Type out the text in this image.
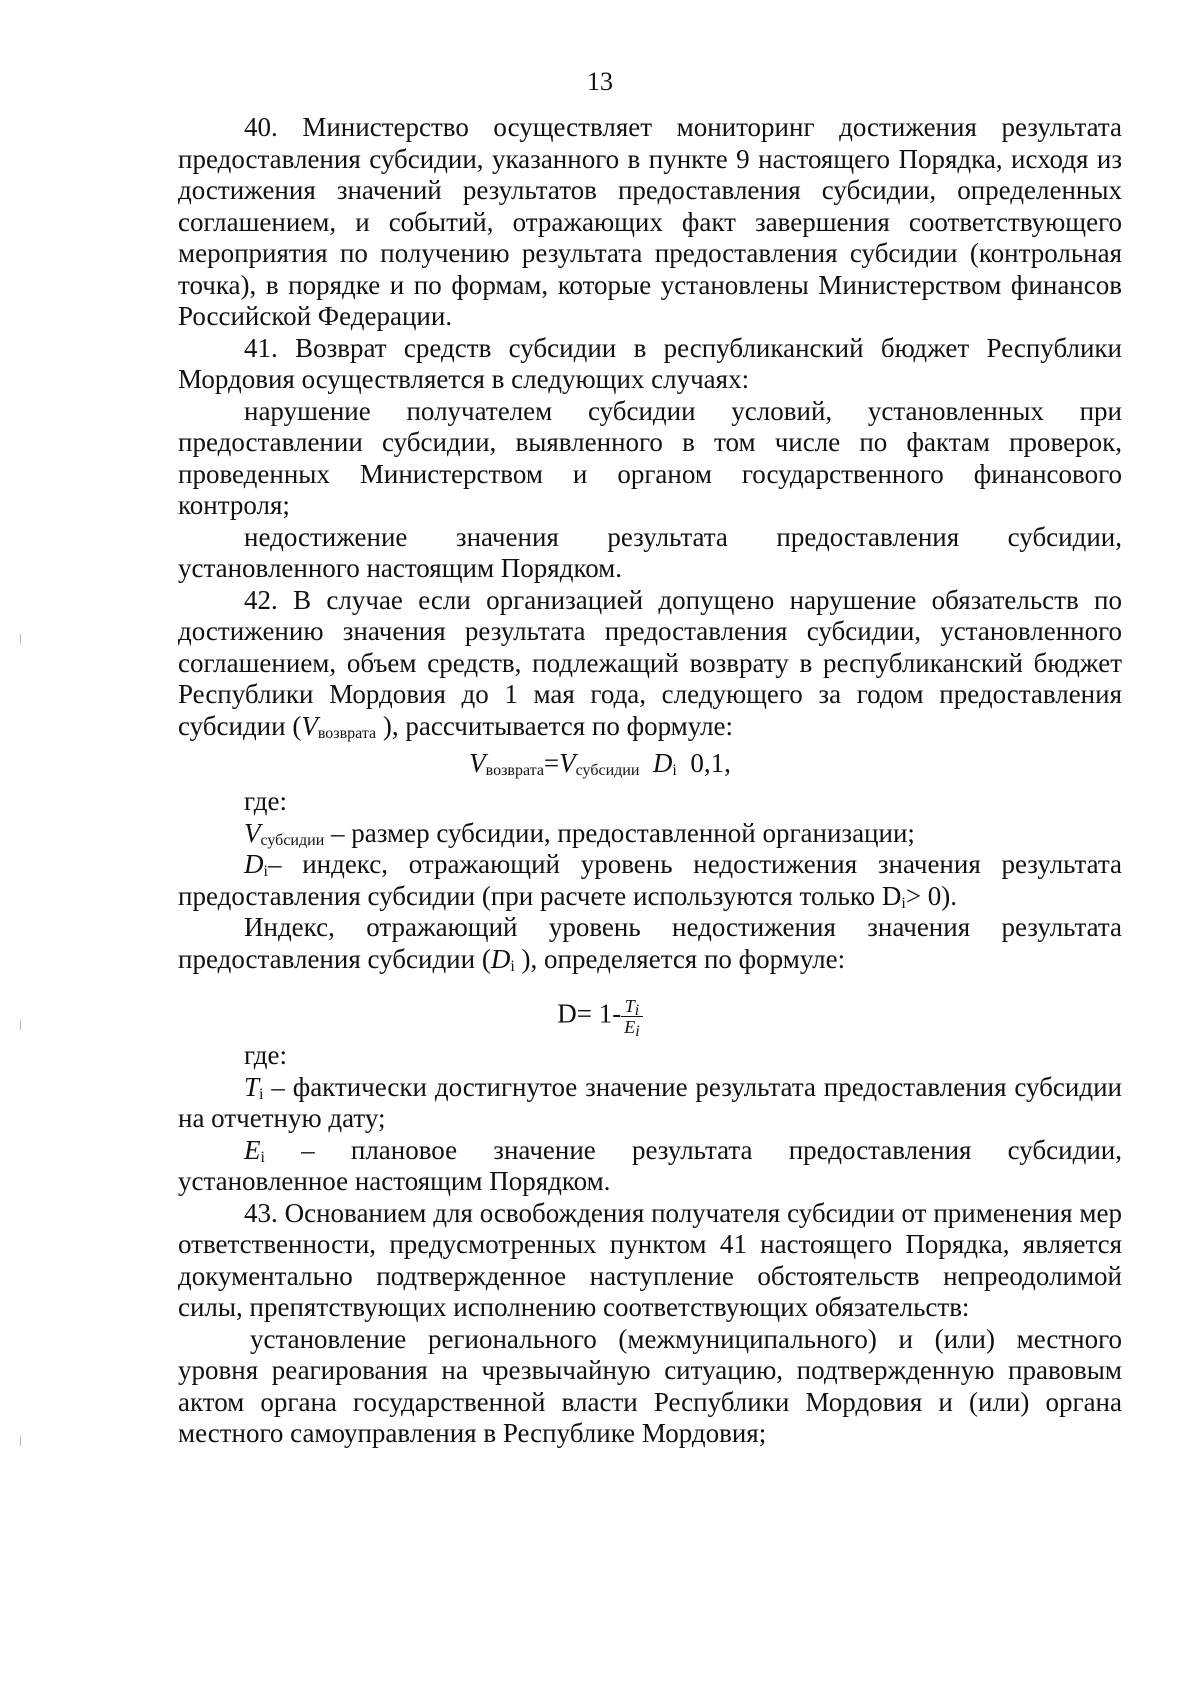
13

40. Министерство осуществляет мониторинг достижения результата предоставления субсидии, указанного в пункте 9 настоящего Порядка, исходя из достижения значений результатов предоставления субсидии, определенных соглашением, и событий, отражающих факт завершения соответствующего мероприятия по получению результата предоставления субсидии (контрольная точка), в порядке и по формам, которые установлены Министерством финансов Российской Федерации.

41. Возврат средств субсидии в республиканский бюджет Республики Мордовия осуществляется в следующих случаях:

нарушение получателем субсидии условий, установленных при предоставлении субсидии, выявленного в том числе по фактам проверок, проведенных Министерством и органом государственного финансового контроля;

недостижение значения результата предоставления субсидии, установленного настоящим Порядком.

42. В случае если организацией допущено нарушение обязательств по достижению значения результата предоставления субсидии, установленного соглашением, объем средств, подлежащий возврату в республиканский бюджет Республики Мордовия до 1 мая года, следующего за годом предоставления субсидии ($V_{возврата}$ ), рассчитывается по формуле:

$V_{возврата}=V_{субсидии}$ $D_i$ 0,1,

где:

$V_{субсидии}$ – размер субсидии, предоставленной организации;

$D_i-$ индекс, отражающий уровень недостижения значения результата предоставления субсидии (при расчете используются только $D_i> 0$).

Индекс, отражающий уровень недостижения значения результата предоставления субсидии ($D_i$ ), определяется по формуле:

$D= 1- \frac{T_i}{E_i}$

где:

$T_i$ – фактически достигнутое значение результата предоставления субсидии на отчетную дату;

$E_i$ – плановое значение результата предоставления субсидии, установленное настоящим Порядком.

43. Основанием для освобождения получателя субсидии от применения мер ответственности, предусмотренных пунктом 41 настоящего Порядка, является документально подтвержденное наступление обстоятельств непреодолимой силы, препятствующих исполнению соответствующих обязательств:

установление регионального (межмуниципального) и (или) местного уровня реагирования на чрезвычайную ситуацию, подтвержденную правовым актом органа государственной власти Республики Мордовия и (или) органа местного самоуправления в Республике Мордовия;
